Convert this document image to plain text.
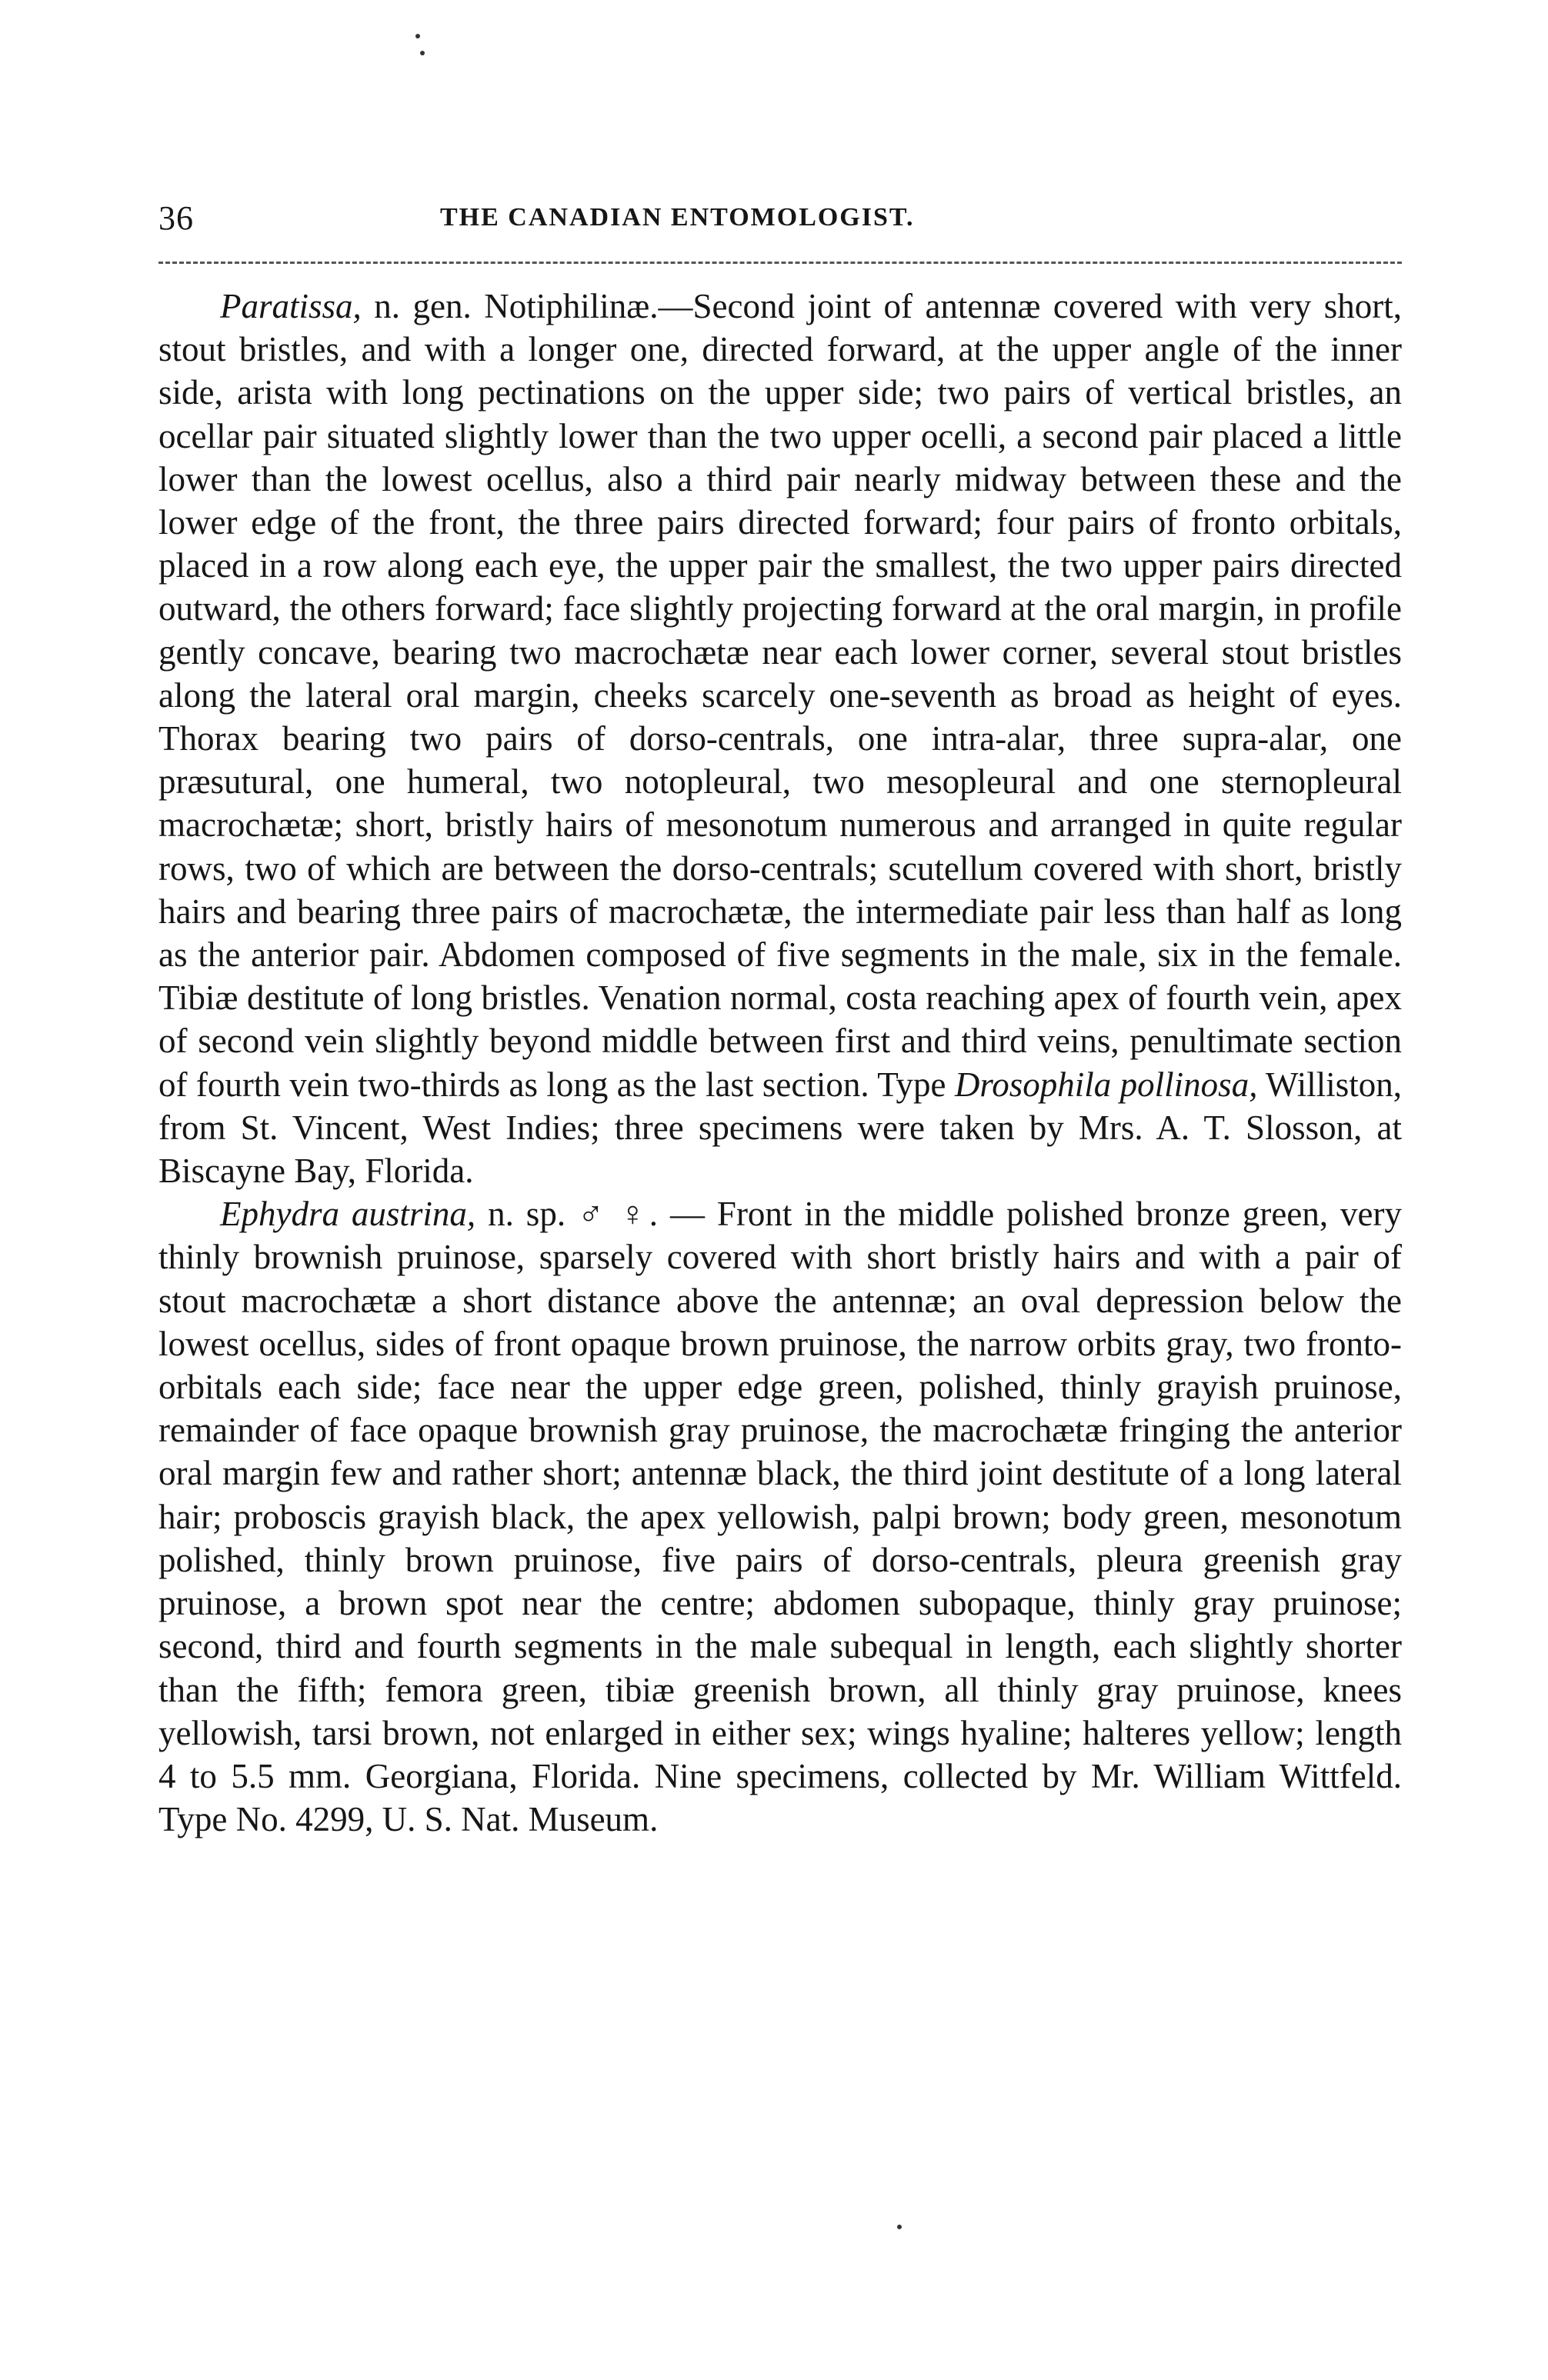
36	THE CANADIAN ENTOMOLOGIST.

Paratissa, n. gen. Notiphilinæ.—Second joint of antennæ covered with very short, stout bristles, and with a longer one, directed forward, at the upper angle of the inner side, arista with long pectinations on the upper side; two pairs of vertical bristles, an ocellar pair situated slightly lower than the two upper ocelli, a second pair placed a little lower than the lowest ocellus, also a third pair nearly midway between these and the lower edge of the front, the three pairs directed forward; four pairs of fronto orbitals, placed in a row along each eye, the upper pair the smallest, the two upper pairs directed outward, the others forward; face slightly projecting forward at the oral margin, in profile gently concave, bearing two macrochætæ near each lower corner, several stout bristles along the lateral oral margin, cheeks scarcely one-seventh as broad as height of eyes. Thorax bearing two pairs of dorso-centrals, one intra-alar, three supra-alar, one præsutural, one humeral, two notopleural, two mesopleural and one sternopleural macrochætæ; short, bristly hairs of mesonotum numerous and arranged in quite regular rows, two of which are between the dorso-centrals; scutellum covered with short, bristly hairs and bearing three pairs of macrochætæ, the intermediate pair less than half as long as the anterior pair. Abdomen composed of five segments in the male, six in the female. Tibiæ destitute of long bristles. Venation normal, costa reaching apex of fourth vein, apex of second vein slightly beyond middle between first and third veins, penultimate section of fourth vein two-thirds as long as the last section. Type Drosophila pollinosa, Williston, from St. Vincent, West Indies; three specimens were taken by Mrs. A. T. Slosson, at Biscayne Bay, Florida.

Ephydra austrina, n. sp. ♂ ♀. — Front in the middle polished bronze green, very thinly brownish pruinose, sparsely covered with short bristly hairs and with a pair of stout macrochætæ a short distance above the antennæ; an oval depression below the lowest ocellus, sides of front opaque brown pruinose, the narrow orbits gray, two fronto-orbitals each side; face near the upper edge green, polished, thinly grayish pruinose, remainder of face opaque brownish gray pruinose, the macrochætæ fringing the anterior oral margin few and rather short; antennæ black, the third joint destitute of a long lateral hair; proboscis grayish black, the apex yellowish, palpi brown; body green, mesonotum polished, thinly brown pruinose, five pairs of dorso-centrals, pleura greenish gray pruinose, a brown spot near the centre; abdomen subopaque, thinly gray pruinose; second, third and fourth segments in the male subequal in length, each slightly shorter than the fifth; femora green, tibiæ greenish brown, all thinly gray pruinose, knees yellowish, tarsi brown, not enlarged in either sex; wings hyaline; halteres yellow; length 4 to 5.5 mm. Georgiana, Florida. Nine specimens, collected by Mr. William Wittfeld. Type No. 4299, U. S. Nat. Museum.
